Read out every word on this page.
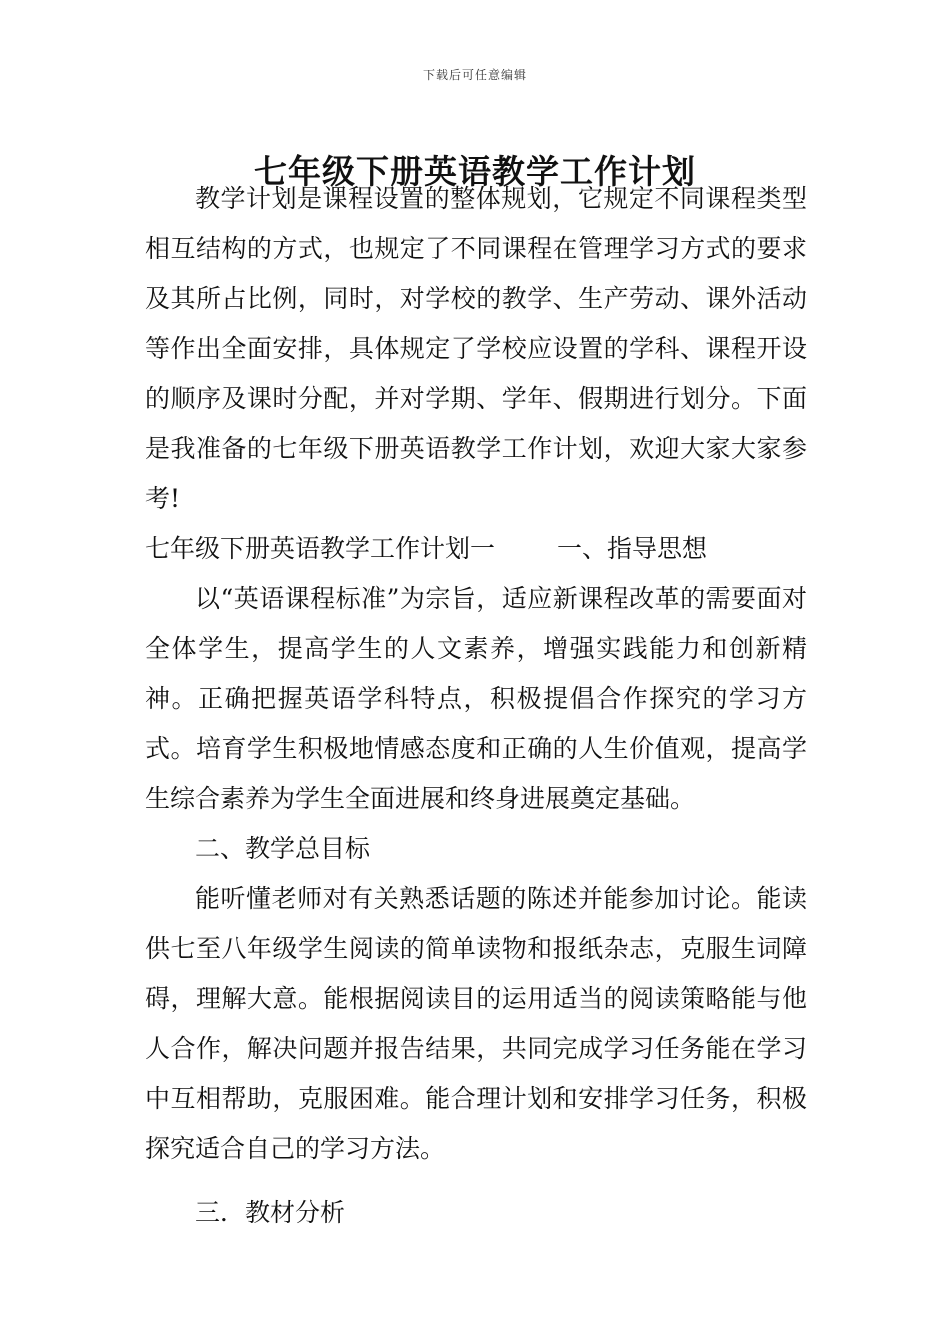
下载后可任意编辑
七年级下册英语教学工作计划

教学计划是课程设置的整体规划，它规定不同课程类型相互结构的方式，也规定了不同课程在管理学习方式的要求及其所占比例，同时，对学校的教学、生产劳动、课外活动等作出全面安排，具体规定了学校应设置的学科、课程开设的顺序及课时分配，并对学期、学年、假期进行划分。下面是我准备的七年级下册英语教学工作计划，欢迎大家大家参考!

七年级下册英语教学工作计划一 一、指导思想

以“英语课程标准”为宗旨，适应新课程改革的需要面对全体学生，提高学生的人文素养，增强实践能力和创新精神。正确把握英语学科特点，积极提倡合作探究的学习方式。培育学生积极地情感态度和正确的人生价值观，提高学生综合素养为学生全面进展和终身进展奠定基础。

二、教学总目标

能听懂老师对有关熟悉话题的陈述并能参加讨论。能读供七至八年级学生阅读的简单读物和报纸杂志，克服生词障碍，理解大意。能根据阅读目的运用适当的阅读策略能与他人合作，解决问题并报告结果，共同完成学习任务能在学习中互相帮助，克服困难。能合理计划和安排学习任务，积极探究适合自己的学习方法。

三．教材分析
